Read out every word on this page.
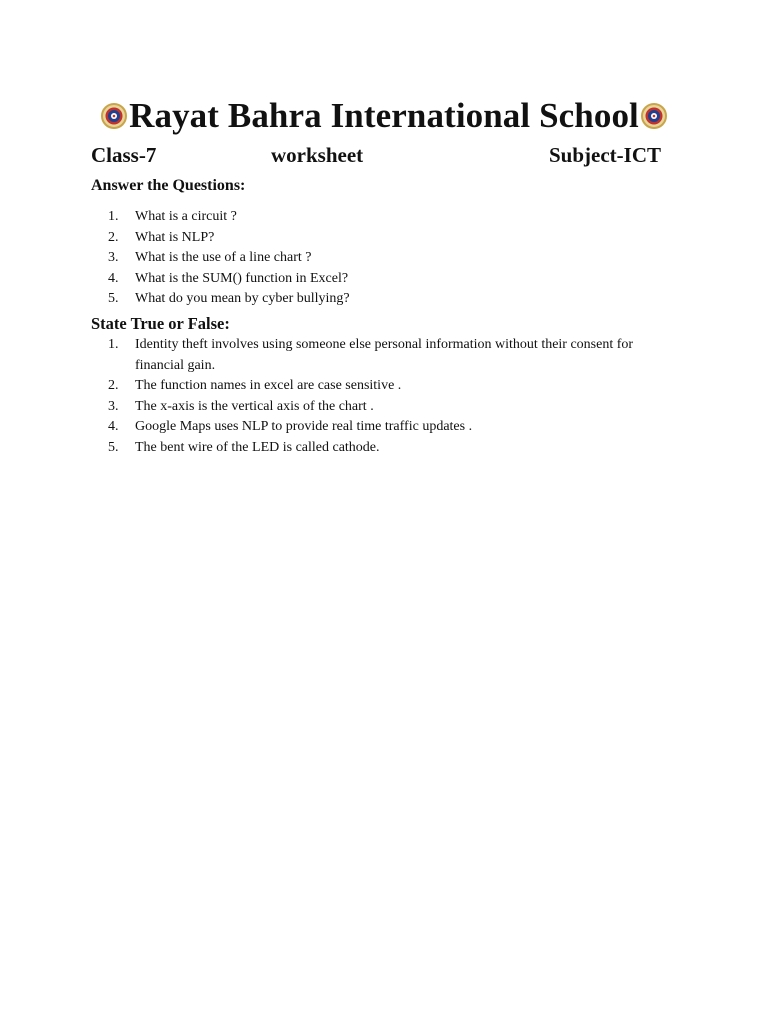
Rayat Bahra International School
Class-7	worksheet	Subject-ICT
Answer the Questions:
1. What is a circuit ?
2. What is NLP?
3. What is the use of a line chart ?
4. What is the SUM() function in Excel?
5. What do you mean by cyber bullying?
State True or False:
1. Identity theft involves using someone else personal information without their consent for financial gain.
2. The function names in excel are case sensitive .
3. The x-axis is the vertical axis of the chart .
4. Google Maps uses NLP to provide real time traffic updates .
5. The bent wire of the LED is called cathode.
